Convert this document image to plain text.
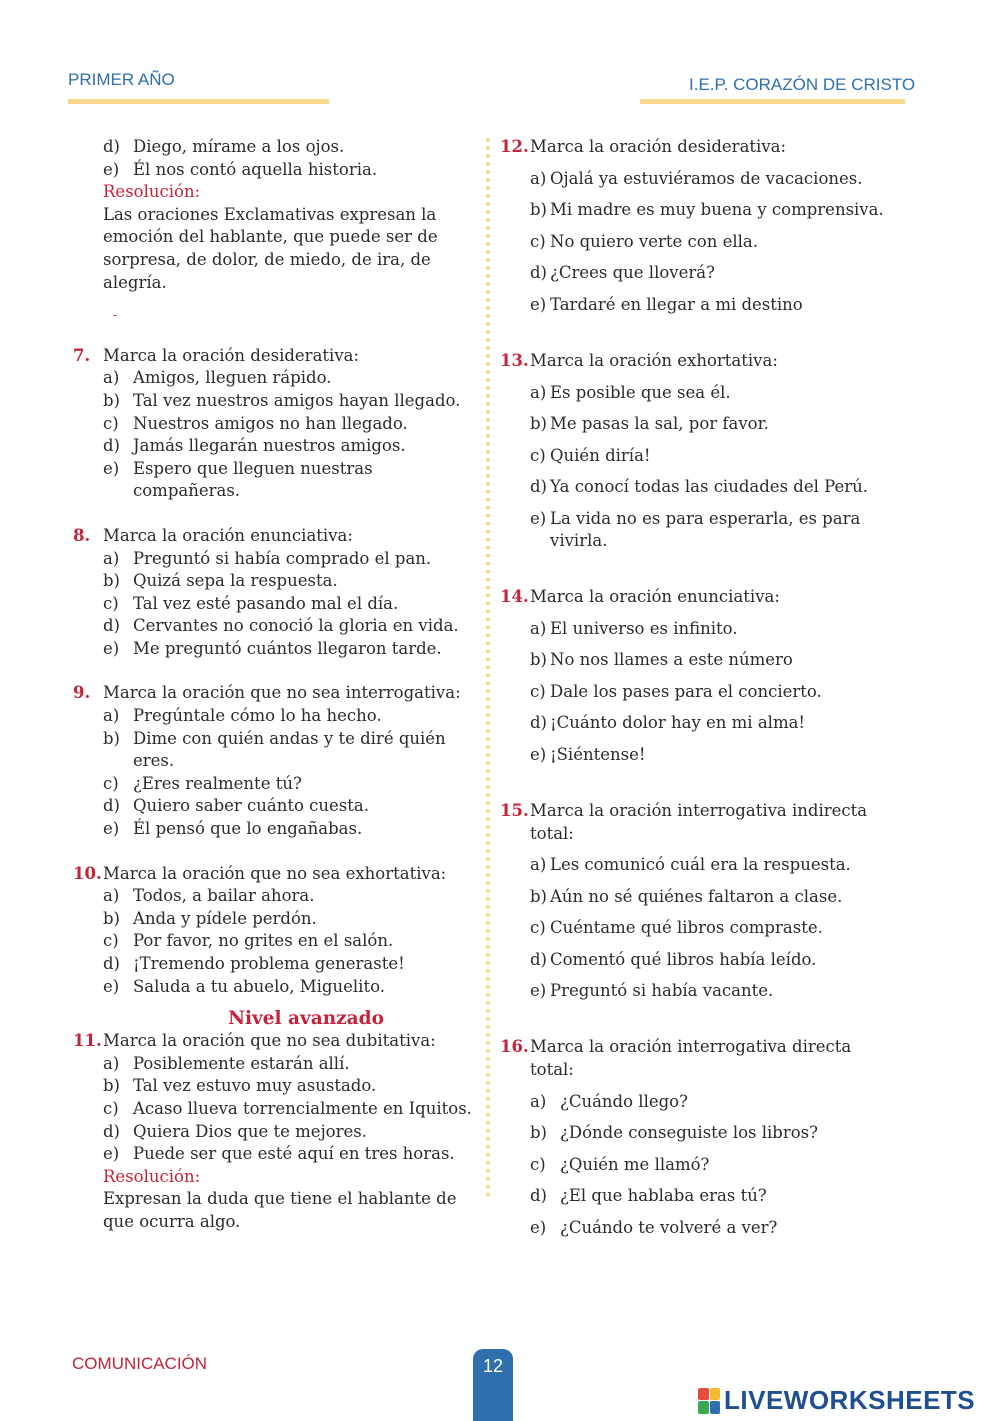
PRIMER AÑO	I.E.P. CORAZÓN DE CRISTO
d) Diego, mírame a los ojos.
e) Él nos contó aquella historia.
Resolución:
Las oraciones Exclamativas expresan la emoción del hablante, que puede ser de sorpresa, de dolor, de miedo, de ira, de alegría.
-
7. Marca la oración desiderativa:
a) Amigos, lleguen rápido.
b) Tal vez nuestros amigos hayan llegado.
c) Nuestros amigos no han llegado.
d) Jamás llegarán nuestros amigos.
e) Espero que lleguen nuestras compañeras.
8. Marca la oración enunciativa:
a) Preguntó si había comprado el pan.
b) Quizá sepa la respuesta.
c) Tal vez esté pasando mal el día.
d) Cervantes no conoció la gloria en vida.
e) Me preguntó cuántos llegaron tarde.
9. Marca la oración que no sea interrogativa:
a) Pregúntale cómo lo ha hecho.
b) Dime con quién andas y te diré quién eres.
c) ¿Eres realmente tú?
d) Quiero saber cuánto cuesta.
e) Él pensó que lo engañabas.
10. Marca la oración que no sea exhortativa:
a) Todos, a bailar ahora.
b) Anda y pídele perdón.
c) Por favor, no grites en el salón.
d) ¡Tremendo problema generaste!
e) Saluda a tu abuelo, Miguelito.
Nivel avanzado
11. Marca la oración que no sea dubitativa:
a) Posiblemente estarán allí.
b) Tal vez estuvo muy asustado.
c) Acaso llueva torrencialmente en Iquitos.
d) Quiera Dios que te mejores.
e) Puede ser que esté aquí en tres horas.
Resolución:
Expresan la duda que tiene el hablante de que ocurra algo.
12. Marca la oración desiderativa:
a) Ojalá ya estuviéramos de vacaciones.
b) Mi madre es muy buena y comprensiva.
c) No quiero verte con ella.
d) ¿Crees que lloverá?
e) Tardaré en llegar a mi destino
13. Marca la oración exhortativa:
a) Es posible que sea él.
b) Me pasas la sal, por favor.
c) Quién diría!
d) Ya conocí todas las ciudades del Perú.
e) La vida no es para esperarla, es para vivirla.
14. Marca la oración enunciativa:
a) El universo es infinito.
b) No nos llames a este número
c) Dale los pases para el concierto.
d) ¡Cuánto dolor hay en mi alma!
e) ¡Siéntense!
15. Marca la oración interrogativa indirecta total:
a) Les comunicó cuál era la respuesta.
b) Aún no sé quiénes faltaron a clase.
c) Cuéntame qué libros compraste.
d) Comentó qué libros había leído.
e) Preguntó si había vacante.
16. Marca la oración interrogativa directa total:
a) ¿Cuándo llego?
b) ¿Dónde conseguiste los libros?
c) ¿Quién me llamó?
d) ¿El que hablaba eras tú?
e) ¿Cuándo te volveré a ver?
COMUNICACIÓN	12
LIVEWORKSHEETS
